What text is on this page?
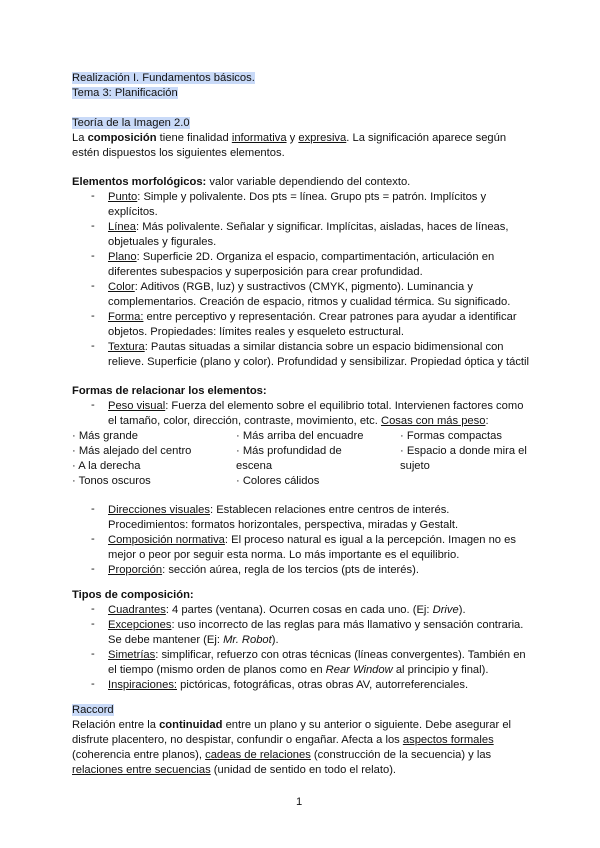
Realización I. Fundamentos básicos.
Tema 3: Planificación
Teoría de la Imagen 2.0
La composición tiene finalidad informativa y expresiva. La significación aparece según
estén dispuestos los siguientes elementos.
Elementos morfológicos: valor variable dependiendo del contexto.
- Punto: Simple y polivalente. Dos pts = línea. Grupo pts = patrón. Implícitos y
explícitos.
- Línea: Más polivalente. Señalar y significar. Implícitas, aisladas, haces de líneas,
objetuales y figurales.
- Plano: Superficie 2D. Organiza el espacio, compartimentación, articulación en
diferentes subespacios y superposición para crear profundidad.
- Color: Aditivos (RGB, luz) y sustractivos (CMYK, pigmento). Luminancia y
complementarios. Creación de espacio, ritmos y cualidad térmica. Su significado.
- Forma: entre perceptivo y representación. Crear patrones para ayudar a identificar
objetos. Propiedades: límites reales y esqueleto estructural.
- Textura: Pautas situadas a similar distancia sobre un espacio bidimensional con
relieve. Superficie (plano y color). Profundidad y sensibilizar. Propiedad óptica y táctil
Formas de relacionar los elementos:
- Peso visual: Fuerza del elemento sobre el equilibrio total. Intervienen factores como
el tamaño, color, dirección, contraste, movimiento, etc. Cosas con más peso:
· Más grande
· Más alejado del centro
· A la derecha
· Tonos oscuros
· Más arriba del encuadre
· Más profundidad de
escena
· Colores cálidos
· Formas compactas
· Espacio a donde mira el
sujeto
- Direcciones visuales: Establecen relaciones entre centros de interés.
Procedimientos: formatos horizontales, perspectiva, miradas y Gestalt.
- Composición normativa: El proceso natural es igual a la percepción. Imagen no es
mejor o peor por seguir esta norma. Lo más importante es el equilibrio.
- Proporción: sección aúrea, regla de los tercios (pts de interés).
Tipos de composición:
- Cuadrantes: 4 partes (ventana). Ocurren cosas en cada uno. (Ej: Drive).
- Excepciones: uso incorrecto de las reglas para más llamativo y sensación contraria.
Se debe mantener (Ej: Mr. Robot).
- Simetrías: simplificar, refuerzo con otras técnicas (líneas convergentes). También en
el tiempo (mismo orden de planos como en Rear Window al principio y final).
- Inspiraciones: pictóricas, fotográficas, otras obras AV, autorreferenciales.
Raccord
Relación entre la continuidad entre un plano y su anterior o siguiente. Debe asegurar el
disfrute placentero, no despistar, confundir o engañar. Afecta a los aspectos formales
(coherencia entre planos), cadeas de relaciones (construcción de la secuencia) y las
relaciones entre secuencias (unidad de sentido en todo el relato).
1
